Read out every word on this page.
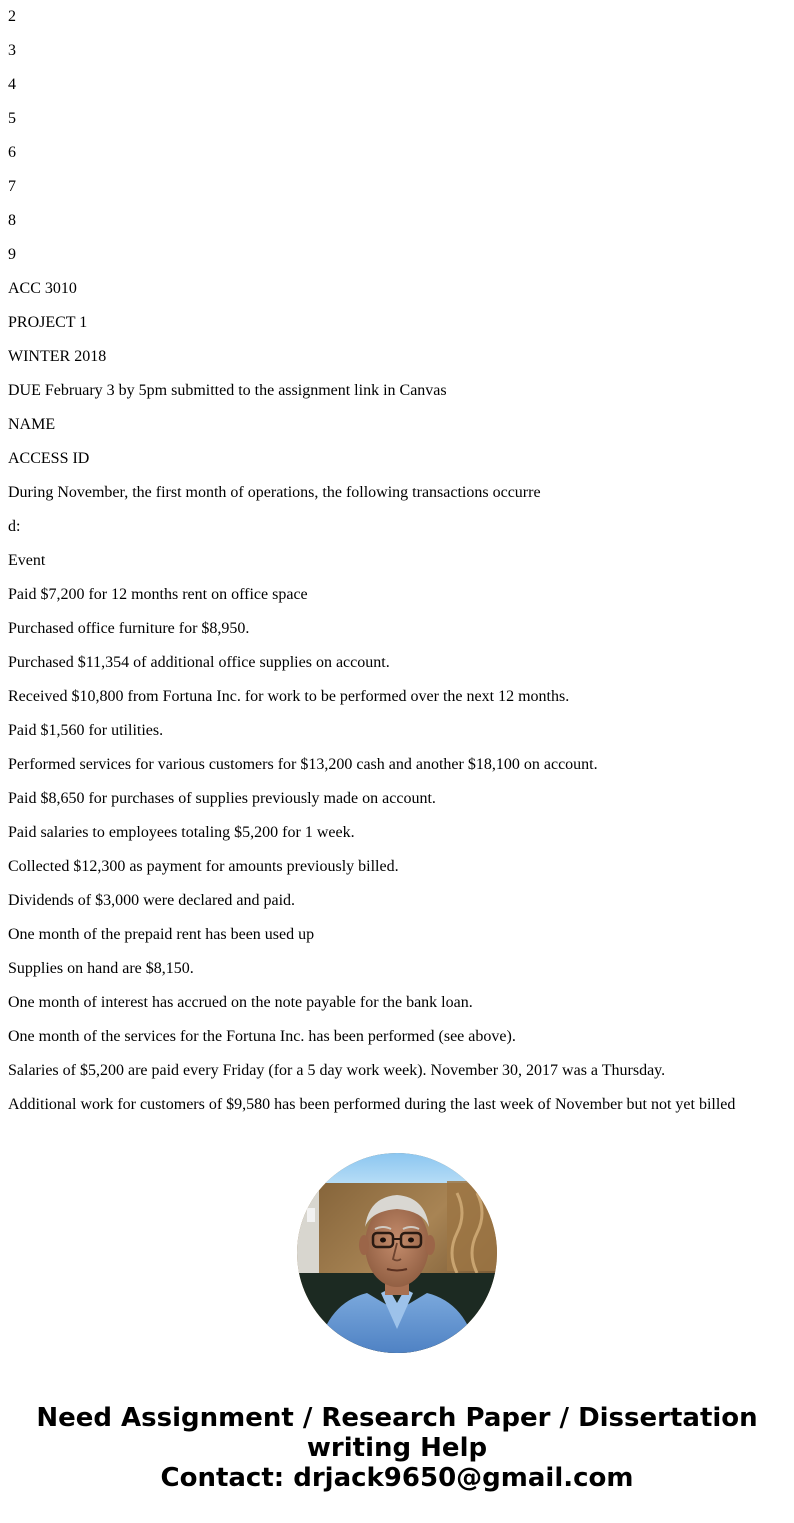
2
3
4
5
6
7
8
9
ACC 3010
PROJECT 1
WINTER 2018
DUE February 3 by 5pm submitted to the assignment link in Canvas
NAME
ACCESS ID
During November, the first month of operations, the following transactions occurre
d:
Event
Paid $7,200 for 12 months rent on office space
Purchased office furniture for $8,950.
Purchased $11,354 of additional office supplies on account.
Received $10,800 from Fortuna Inc. for work to be performed over the next 12 months.
Paid $1,560 for utilities.
Performed services for various customers for $13,200 cash and another $18,100 on account.
Paid $8,650 for purchases of supplies previously made on account.
Paid salaries to employees totaling $5,200 for 1 week.
Collected $12,300 as payment for amounts previously billed.
Dividends of $3,000 were declared and paid.
One month of the prepaid rent has been used up
Supplies on hand are $8,150.
One month of interest has accrued on the note payable for the bank loan.
One month of the services for the Fortuna Inc. has been performed (see above).
Salaries of $5,200 are paid every Friday (for a 5 day work week). November 30, 2017 was a Thursday.
Additional work for customers of $9,580 has been performed during the last week of November but not yet billed
Need Assignment / Research Paper / Dissertation
writing Help
Contact: drjack9650@gmail.com
